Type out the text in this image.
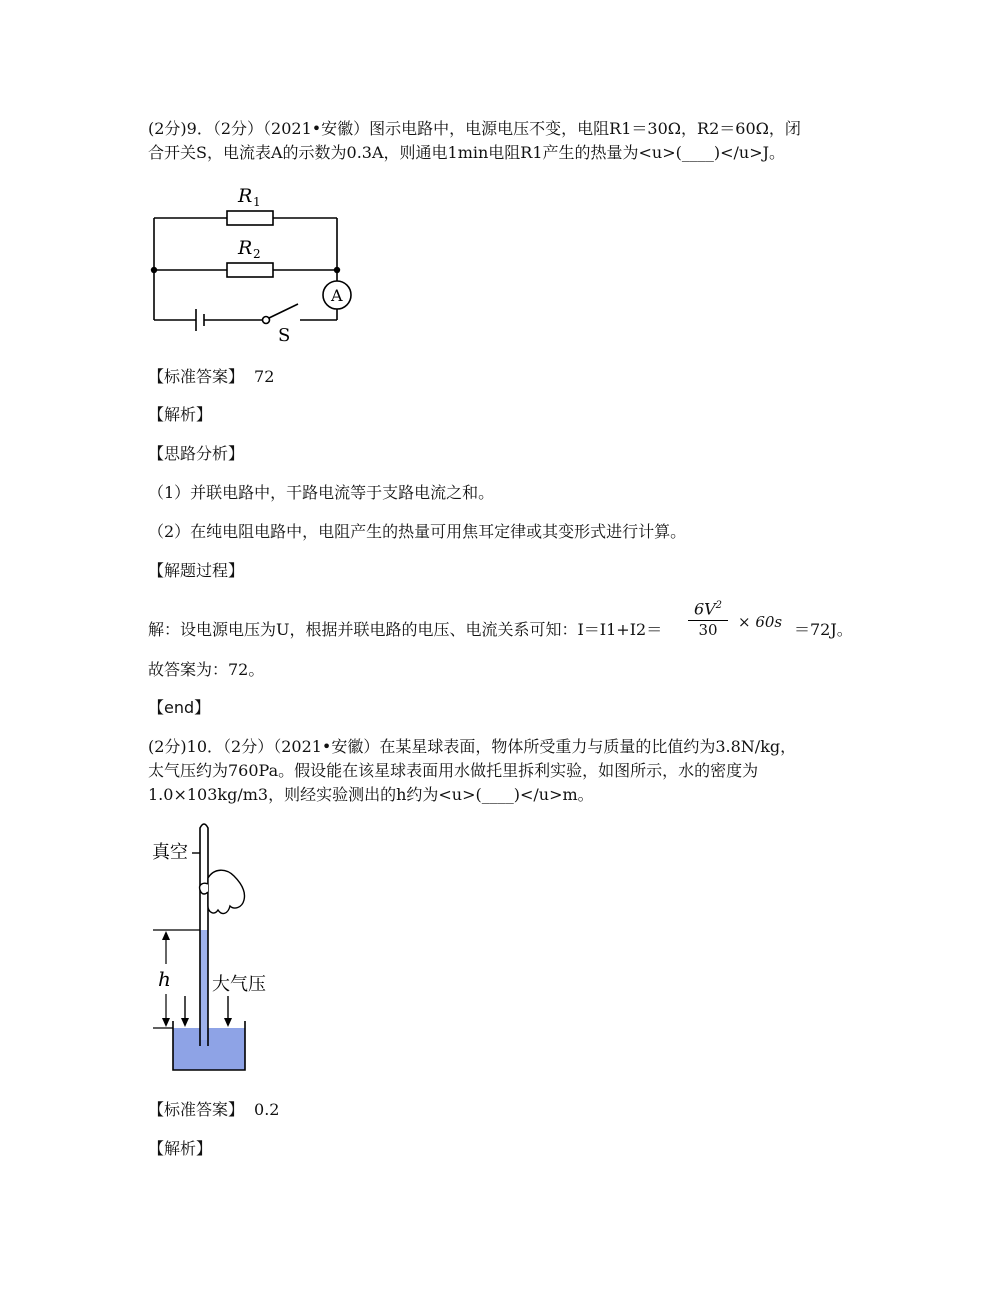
(2分)9．（2分）（2021•安徽）图示电路中，电源电压不变，电阻R1＝30Ω，R2＝60Ω，闭
合开关S，电流表A的示数为0.3A，则通电1min电阻R1产生的热量为<u>(____)</u>J。
R 1
R 2
A
S
【标准答案】 72
【解析】
【思路分析】
（1）并联电路中，干路电流等于支路电流之和。
（2）在纯电阻电路中，电阻产生的热量可用焦耳定律或其变形式进行计算。
【解题过程】
解：设电源电压为U，根据并联电路的电压、电流关系可知：I＝I1+I2＝
$6V^2$
30	× 60s ＝72J。
故答案为：72。
【end】
(2分)10．（2分）（2021•安徽）在某星球表面，物体所受重力与质量的比值约为3.8N/kg，
太气压约为760Pa。假设能在该星球表面用水做托里拆利实验，如图所示，水的密度为
1.0×103kg/m3，则经实验测出的h约为<u>(____)</u>m。
真空
大气压
h
【标准答案】 0.2
【解析】
